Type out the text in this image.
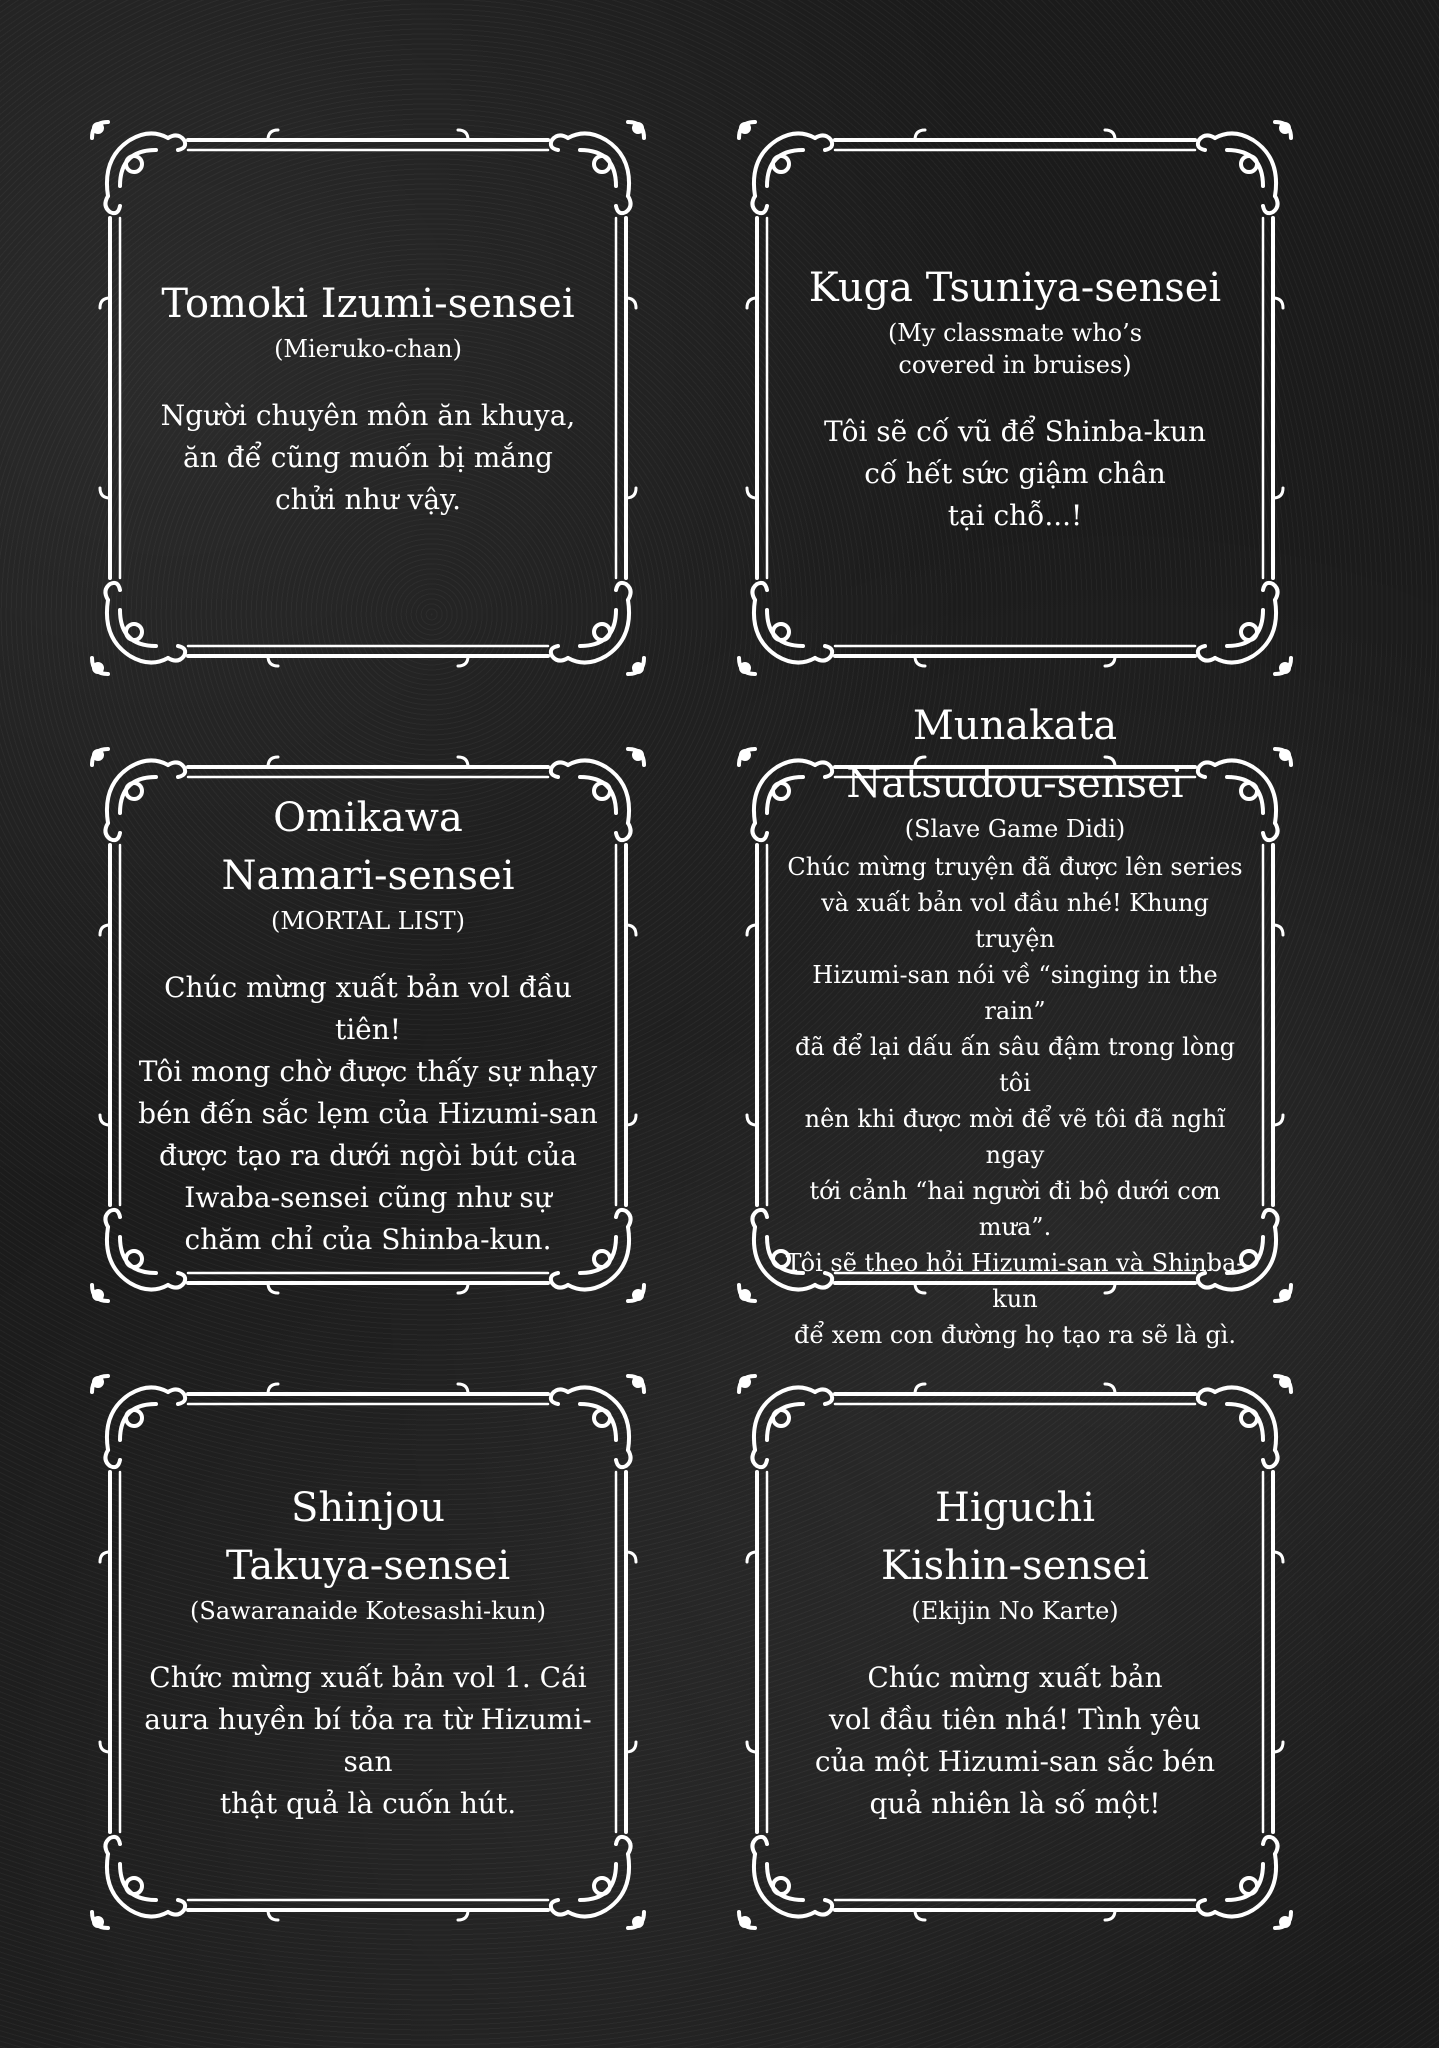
Tomoki Izumi-sensei
(Mieruko-chan)
Người chuyên môn ăn khuya,
ăn để cũng muốn bị mắng
chửi như vậy.
Kuga Tsuniya-sensei
(My classmate who’s
covered in bruises)
Tôi sẽ cố vũ để Shinba-kun
cố hết sức giậm chân
tại chỗ...!
Omikawa
Namari-sensei
(MORTAL LIST)
Chúc mừng xuất bản vol đầu tiên!
Tôi mong chờ được thấy sự nhạy
bén đến sắc lẹm của Hizumi-san
được tạo ra dưới ngòi bút của
Iwaba-sensei cũng như sự
chăm chỉ của Shinba-kun.
Munakata
Natsudou-sensei
(Slave Game Didi)
Chúc mừng truyện đã được lên series
và xuất bản vol đầu nhé! Khung truyện
Hizumi-san nói về “singing in the rain”
đã để lại dấu ấn sâu đậm trong lòng tôi
nên khi được mời để vẽ tôi đã nghĩ ngay
tới cảnh “hai người đi bộ dưới cơn mưa”.
Tôi sẽ theo hỏi Hizumi-san và Shinba-kun
để xem con đường họ tạo ra sẽ là gì.
Shinjou
Takuya-sensei
(Sawaranaide Kotesashi-kun)
Chức mừng xuất bản vol 1. Cái
aura huyền bí tỏa ra từ Hizumi-san
thật quả là cuốn hút.
Higuchi
Kishin-sensei
(Ekijin No Karte)
Chúc mừng xuất bản
vol đầu tiên nhá! Tình yêu
của một Hizumi-san sắc bén
quả nhiên là số một!
